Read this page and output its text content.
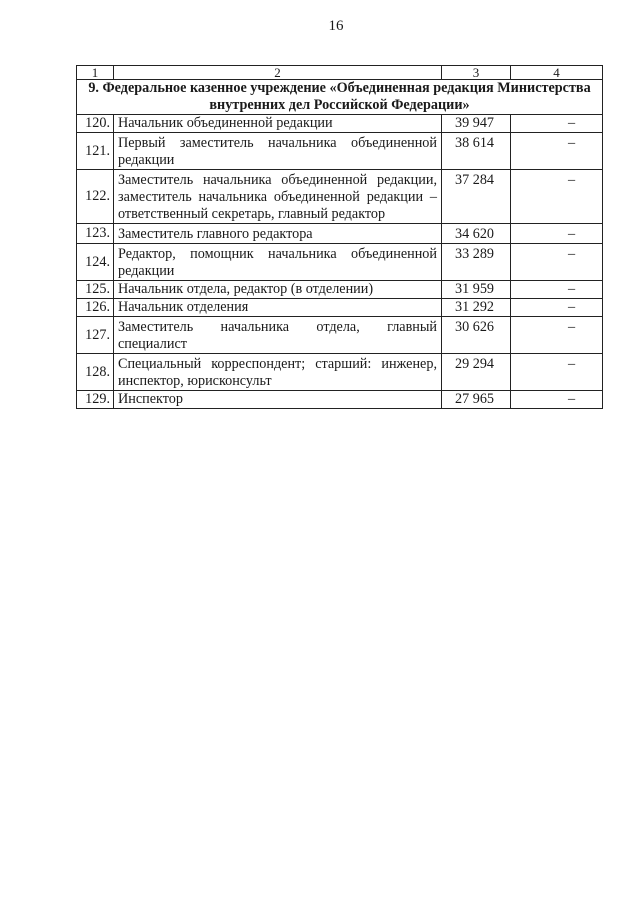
16
1	2	3	4
9. Федеральное казенное учреждение «Объединенная редакция Министерства внутренних дел Российской Федерации»			
120.	Начальник объединенной редакции	39 947	–
121.	Первый заместитель начальника объединенной редакции	38 614	–
122.	Заместитель начальника объединенной редакции, заместитель начальника объединенной редакции – ответственный секретарь, главный редактор	37 284	–
123.	Заместитель главного редактора	34 620	–
124.	Редактор, помощник начальника объединенной редакции	33 289	–
125.	Начальник отдела, редактор (в отделении)	31 959	–
126.	Начальник отделения	31 292	–
127.	Заместитель начальника отдела, главный специалист	30 626	–
128.	Специальный корреспондент; старший: инженер, инспектор, юрисконсульт	29 294	–
129.	Инспектор	27 965	–
